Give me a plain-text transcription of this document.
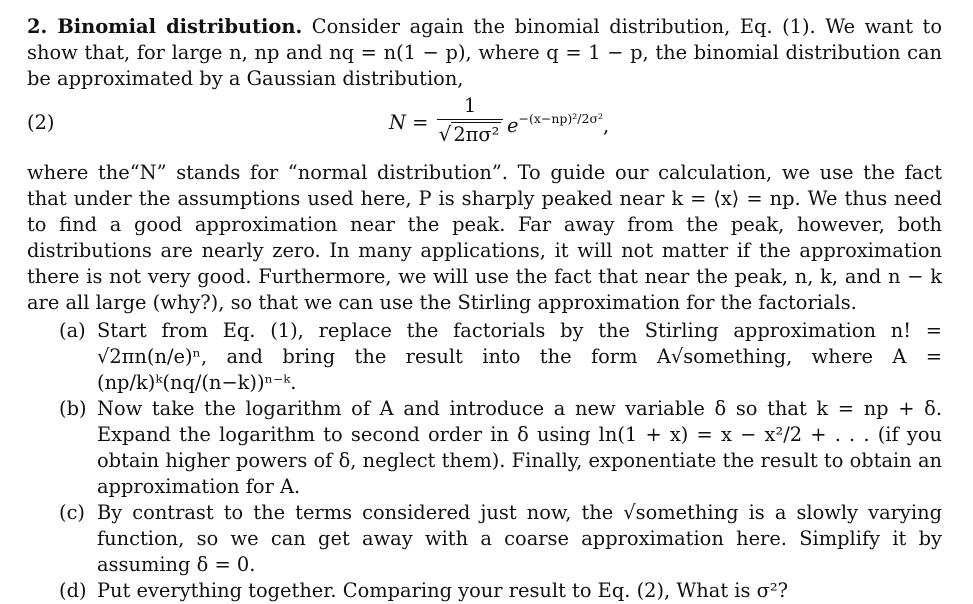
2. Binomial distribution. Consider again the binomial distribution, Eq. (1). We want to show that, for large n, np and nq = n(1 − p), where q = 1 − p, the binomial distribution can be approximated by a Gaussian distribution,

(2)	$N = \frac{1}{\text{√ 2πσ²}} e^{-(x-np)^2/2\sigma^2}$,

where the“N” stands for “normal distribution”. To guide our calculation, we use the fact that under the assumptions used here, P is sharply peaked near k = ⟨x⟩ = np. We thus need to find a good approximation near the peak. Far away from the peak, however, both distributions are nearly zero. In many applications, it will not matter if the approximation there is not very good. Furthermore, we will use the fact that near the peak, n, k, and n − k are all large (why?), so that we can use the Stirling approximation for the factorials.

(a) Start from Eq. (1), replace the factorials by the Stirling approximation n! = √2πn(n/e)ⁿ, and bring the result into the form A√something, where A = (np/k)ᵏ(nq/(n−k))ⁿ⁻ᵏ.
(b) Now take the logarithm of A and introduce a new variable δ so that k = np + δ. Expand the logarithm to second order in δ using ln(1 + x) = x − x²/2 + . . . (if you obtain higher powers of δ, neglect them). Finally, exponentiate the result to obtain an approximation for A.
(c) By contrast to the terms considered just now, the √something is a slowly varying function, so we can get away with a coarse approximation here. Simplify it by assuming δ = 0.
(d) Put everything together. Comparing your result to Eq. (2), What is σ²?
